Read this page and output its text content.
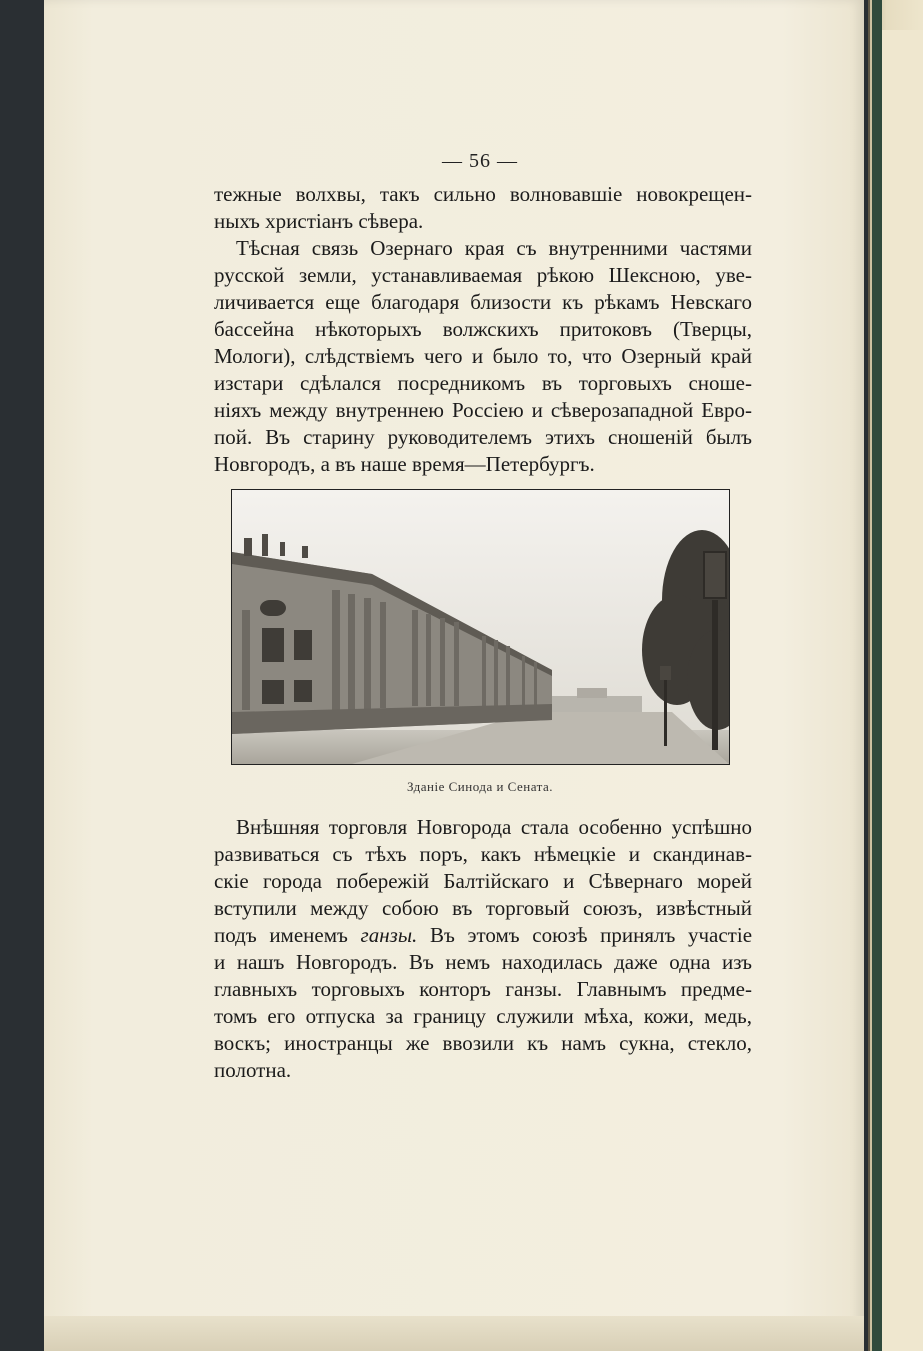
— 56 —
тежные волхвы, такъ сильно волновавшіе новокрещен-
ныхъ христіанъ сѣвера.
Тѣсная связь Озернаго края съ внутренними частями
русской земли, устанавливаемая рѣкою Шексною, уве-
личивается еще благодаря близости къ рѣкамъ Невскаго
бассейна нѣкоторыхъ волжскихъ притоковъ (Тверцы,
Мологи), слѣдствіемъ чего и было то, что Озерный край
изстари сдѣлался посредникомъ въ торговыхъ сноше-
ніяхъ между внутреннею Россіею и сѣверозападной Евро-
пой. Въ старину руководителемъ этихъ сношеній былъ
Новгородъ, а въ наше время—Петербургъ.
Зданіе Синода и Сената.
Внѣшняя торговля Новгорода стала особенно успѣшно
развиваться съ тѣхъ поръ, какъ нѣмецкіе и скандинав-
скіе города побережій Балтійскаго и Сѣвернаго морей
вступили между собою въ торговый союзъ, извѣстный
подъ именемъ ганзы. Въ этомъ союзѣ принялъ участіе
и нашъ Новгородъ. Въ немъ находилась даже одна изъ
главныхъ торговыхъ конторъ ганзы. Главнымъ предме-
томъ его отпуска за границу служили мѣха, кожи, медь,
воскъ; иностранцы же ввозили къ намъ сукна, стекло,
полотна.
